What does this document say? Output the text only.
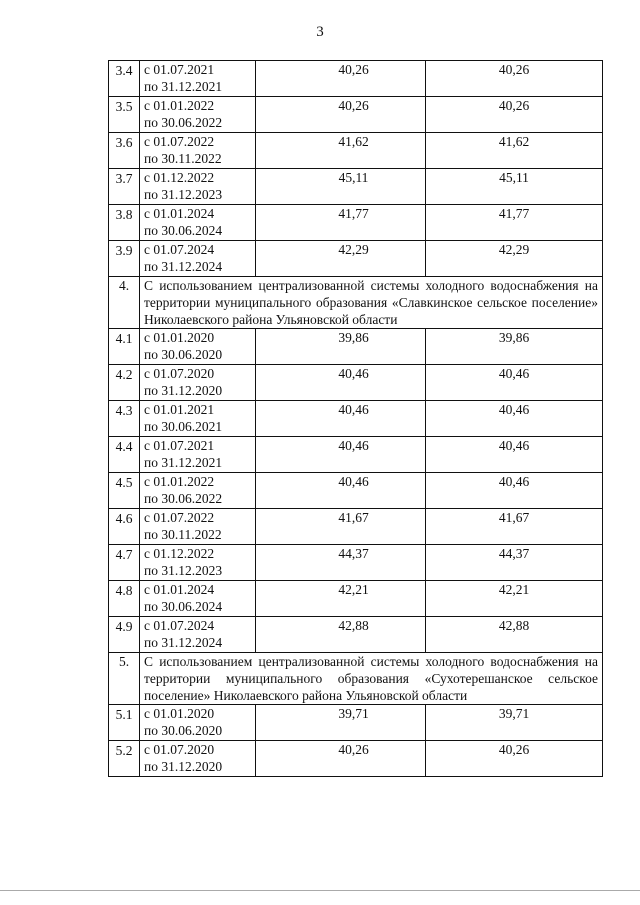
3
3.4	с 01.07.2021
по 31.12.2021	40,26	40,26
3.5	с 01.01.2022
по 30.06.2022	40,26	40,26
3.6	с 01.07.2022
по 30.11.2022	41,62	41,62
3.7	с 01.12.2022
по 31.12.2023	45,11	45,11
3.8	с 01.01.2024
по 30.06.2024	41,77	41,77
3.9	с 01.07.2024
по 31.12.2024	42,29	42,29
4.	С использованием централизованной системы холодного водоснабжения на территории муниципального образования «Славкинское сельское поселение» Николаевского района Ульяновской области		
4.1	с 01.01.2020
по 30.06.2020	39,86	39,86
4.2	с 01.07.2020
по 31.12.2020	40,46	40,46
4.3	с 01.01.2021
по 30.06.2021	40,46	40,46
4.4	с 01.07.2021
по 31.12.2021	40,46	40,46
4.5	с 01.01.2022
по 30.06.2022	40,46	40,46
4.6	с 01.07.2022
по 30.11.2022	41,67	41,67
4.7	с 01.12.2022
по 31.12.2023	44,37	44,37
4.8	с 01.01.2024
по 30.06.2024	42,21	42,21
4.9	с 01.07.2024
по 31.12.2024	42,88	42,88
5.	С использованием централизованной системы холодного водоснабжения на территории муниципального образования «Сухотерешанское сельское поселение» Николаевского района Ульяновской области		
5.1	с 01.01.2020
по 30.06.2020	39,71	39,71
5.2	с 01.07.2020
по 31.12.2020	40,26	40,26
